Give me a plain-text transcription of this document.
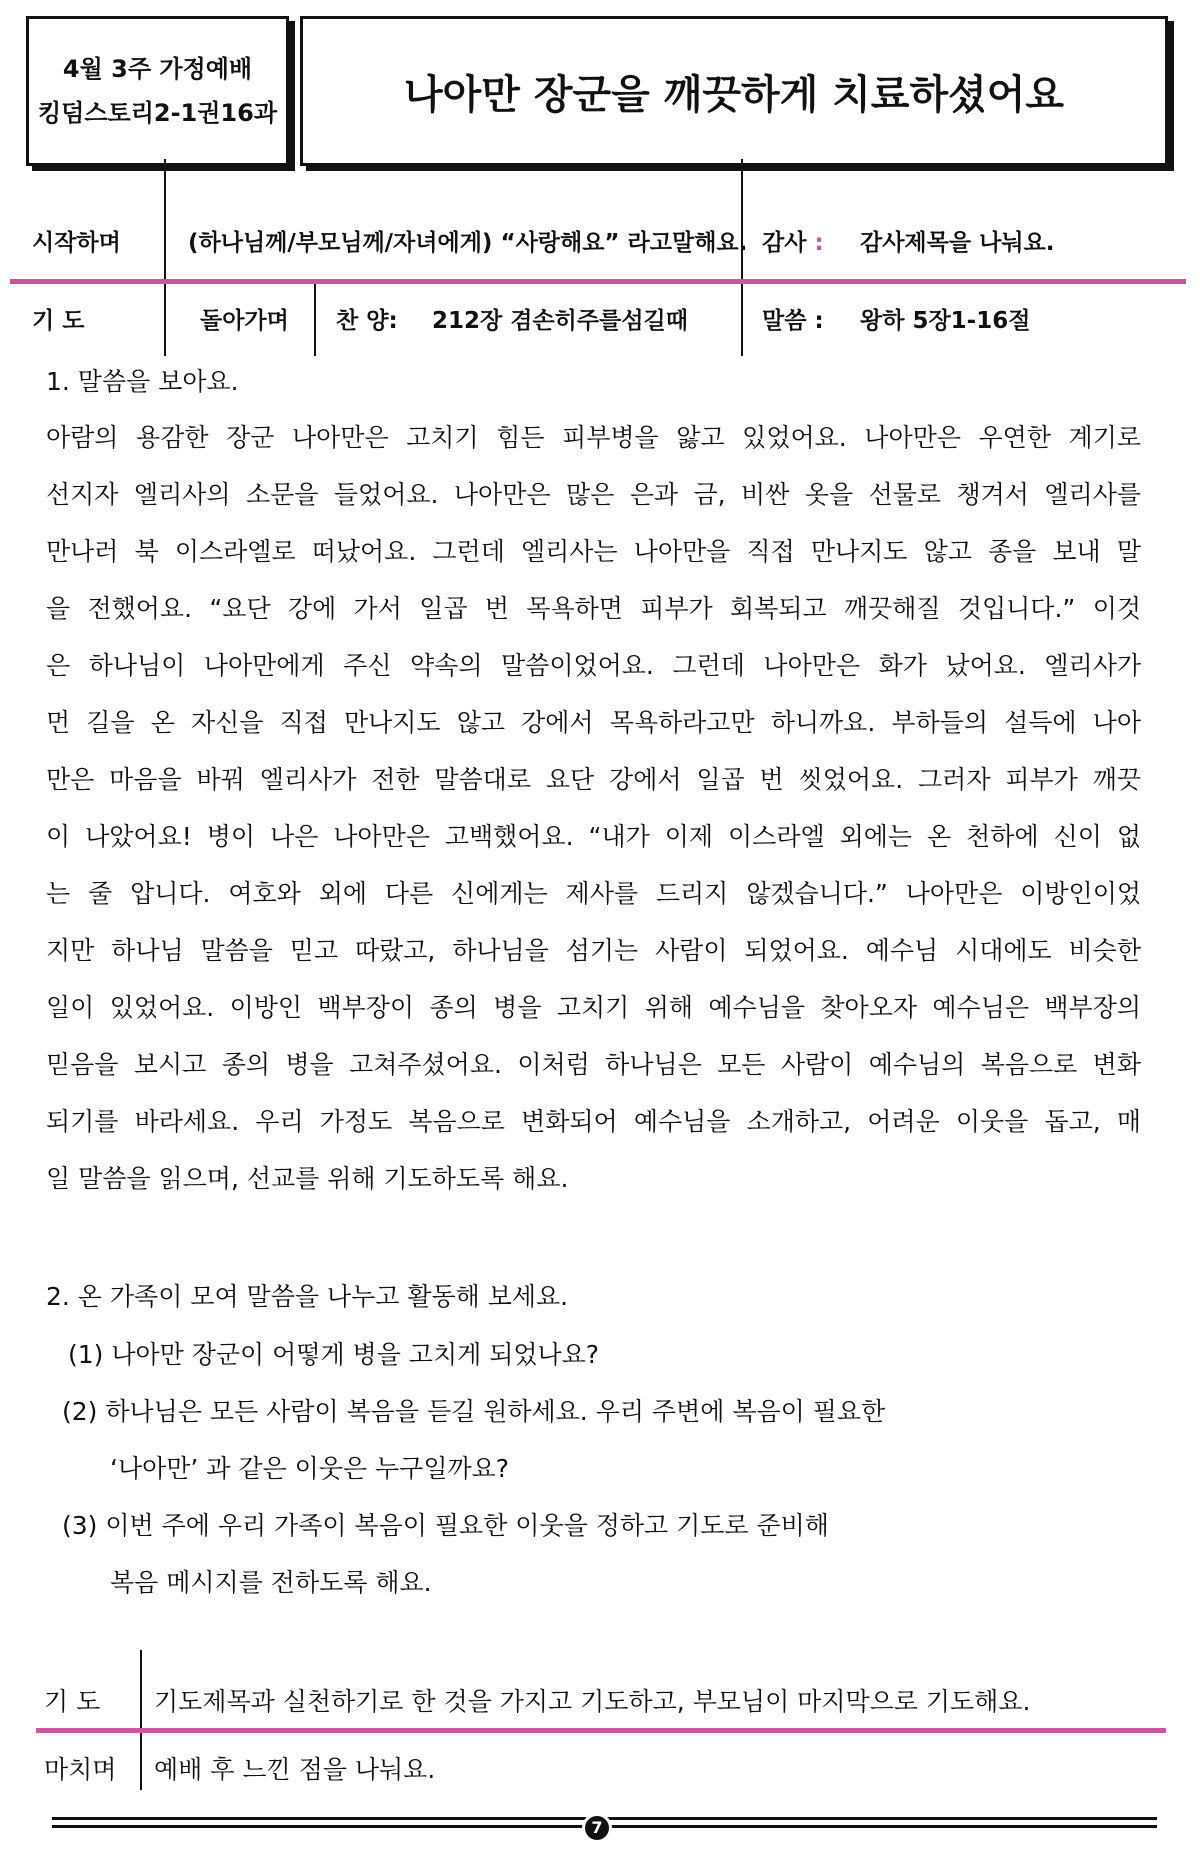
4월 3주 가정예배
킹덤스토리2-1권16과	나아만 장군을 깨끗하게 치료하셨어요
시작하며	(하나님께/부모님께/자녀에게) “사랑해요” 라고말해요. 감사 : 감사제목을 나눠요.
기 도	돌아가며 찬 양: 212장 겸손히주를섬길때	말씀 : 왕하 5장1-16절
1. 말씀을 보아요.
아람의 용감한 장군 나아만은 고치기 힘든 피부병을 앓고 있었어요. 나아만은 우연한 계기로
선지자 엘리사의 소문을 들었어요. 나아만은 많은 은과 금, 비싼 옷을 선물로 챙겨서 엘리사를
만나러 북 이스라엘로 떠났어요. 그런데 엘리사는 나아만을 직접 만나지도 않고 종을 보내 말
을 전했어요. “요단 강에 가서 일곱 번 목욕하면 피부가 회복되고 깨끗해질 것입니다.” 이것
은 하나님이 나아만에게 주신 약속의 말씀이었어요. 그런데 나아만은 화가 났어요. 엘리사가
먼 길을 온 자신을 직접 만나지도 않고 강에서 목욕하라고만 하니까요. 부하들의 설득에 나아
만은 마음을 바꿔 엘리사가 전한 말씀대로 요단 강에서 일곱 번 씻었어요. 그러자 피부가 깨끗
이 나았어요! 병이 나은 나아만은 고백했어요. “내가 이제 이스라엘 외에는 온 천하에 신이 없
는 줄 압니다. 여호와 외에 다른 신에게는 제사를 드리지 않겠습니다.” 나아만은 이방인이었
지만 하나님 말씀을 믿고 따랐고, 하나님을 섬기는 사람이 되었어요. 예수님 시대에도 비슷한
일이 있었어요. 이방인 백부장이 종의 병을 고치기 위해 예수님을 찾아오자 예수님은 백부장의
믿음을 보시고 종의 병을 고쳐주셨어요. 이처럼 하나님은 모든 사람이 예수님의 복음으로 변화
되기를 바라세요. 우리 가정도 복음으로 변화되어 예수님을 소개하고, 어려운 이웃을 돕고, 매
일 말씀을 읽으며, 선교를 위해 기도하도록 해요.
2. 온 가족이 모여 말씀을 나누고 활동해 보세요.
(1) 나아만 장군이 어떻게 병을 고치게 되었나요?
(2) 하나님은 모든 사람이 복음을 듣길 원하세요. 우리 주변에 복음이 필요한
‘나아만’ 과 같은 이웃은 누구일까요?
(3) 이번 주에 우리 가족이 복음이 필요한 이웃을 정하고 기도로 준비해
복음 메시지를 전하도록 해요.
기 도 기도제목과 실천하기로 한 것을 가지고 기도하고, 부모님이 마지막으로 기도해요.
마치며 예배 후 느낀 점을 나눠요.
7
